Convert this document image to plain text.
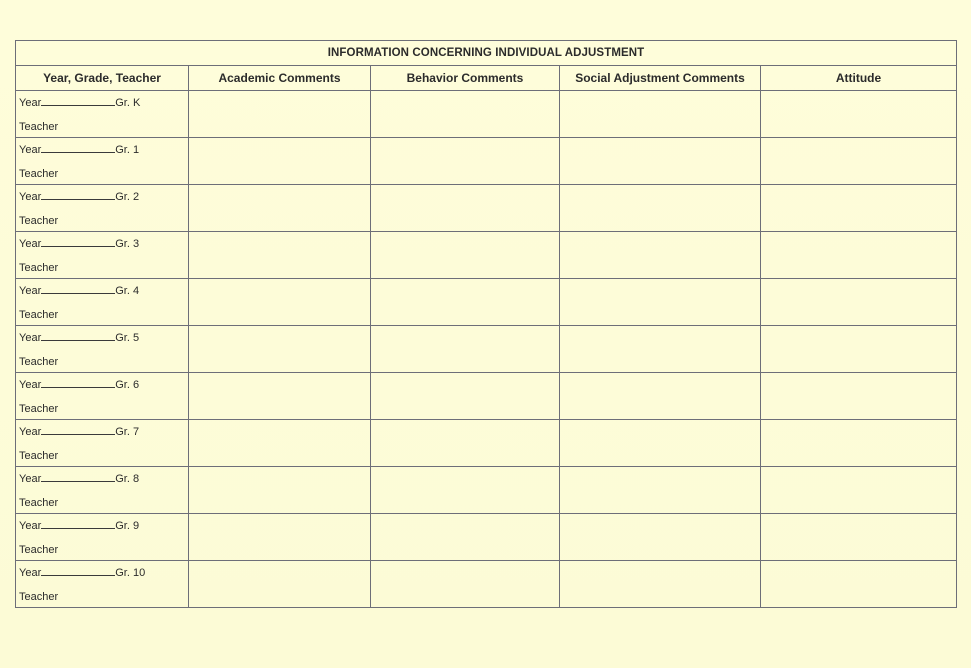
INFORMATION CONCERNING INDIVIDUAL ADJUSTMENT				
Year, Grade, Teacher	Academic Comments	Behavior Comments	Social Adjustment Comments	Attitude

Year Gr. K
Teacher				

Year Gr. 1
Teacher				

Year Gr. 2
Teacher				

Year Gr. 3
Teacher				

Year Gr. 4
Teacher				

Year Gr. 5
Teacher				

Year Gr. 6
Teacher				

Year Gr. 7
Teacher				

Year Gr. 8
Teacher				

Year Gr. 9
Teacher				

Year Gr. 10
Teacher				
